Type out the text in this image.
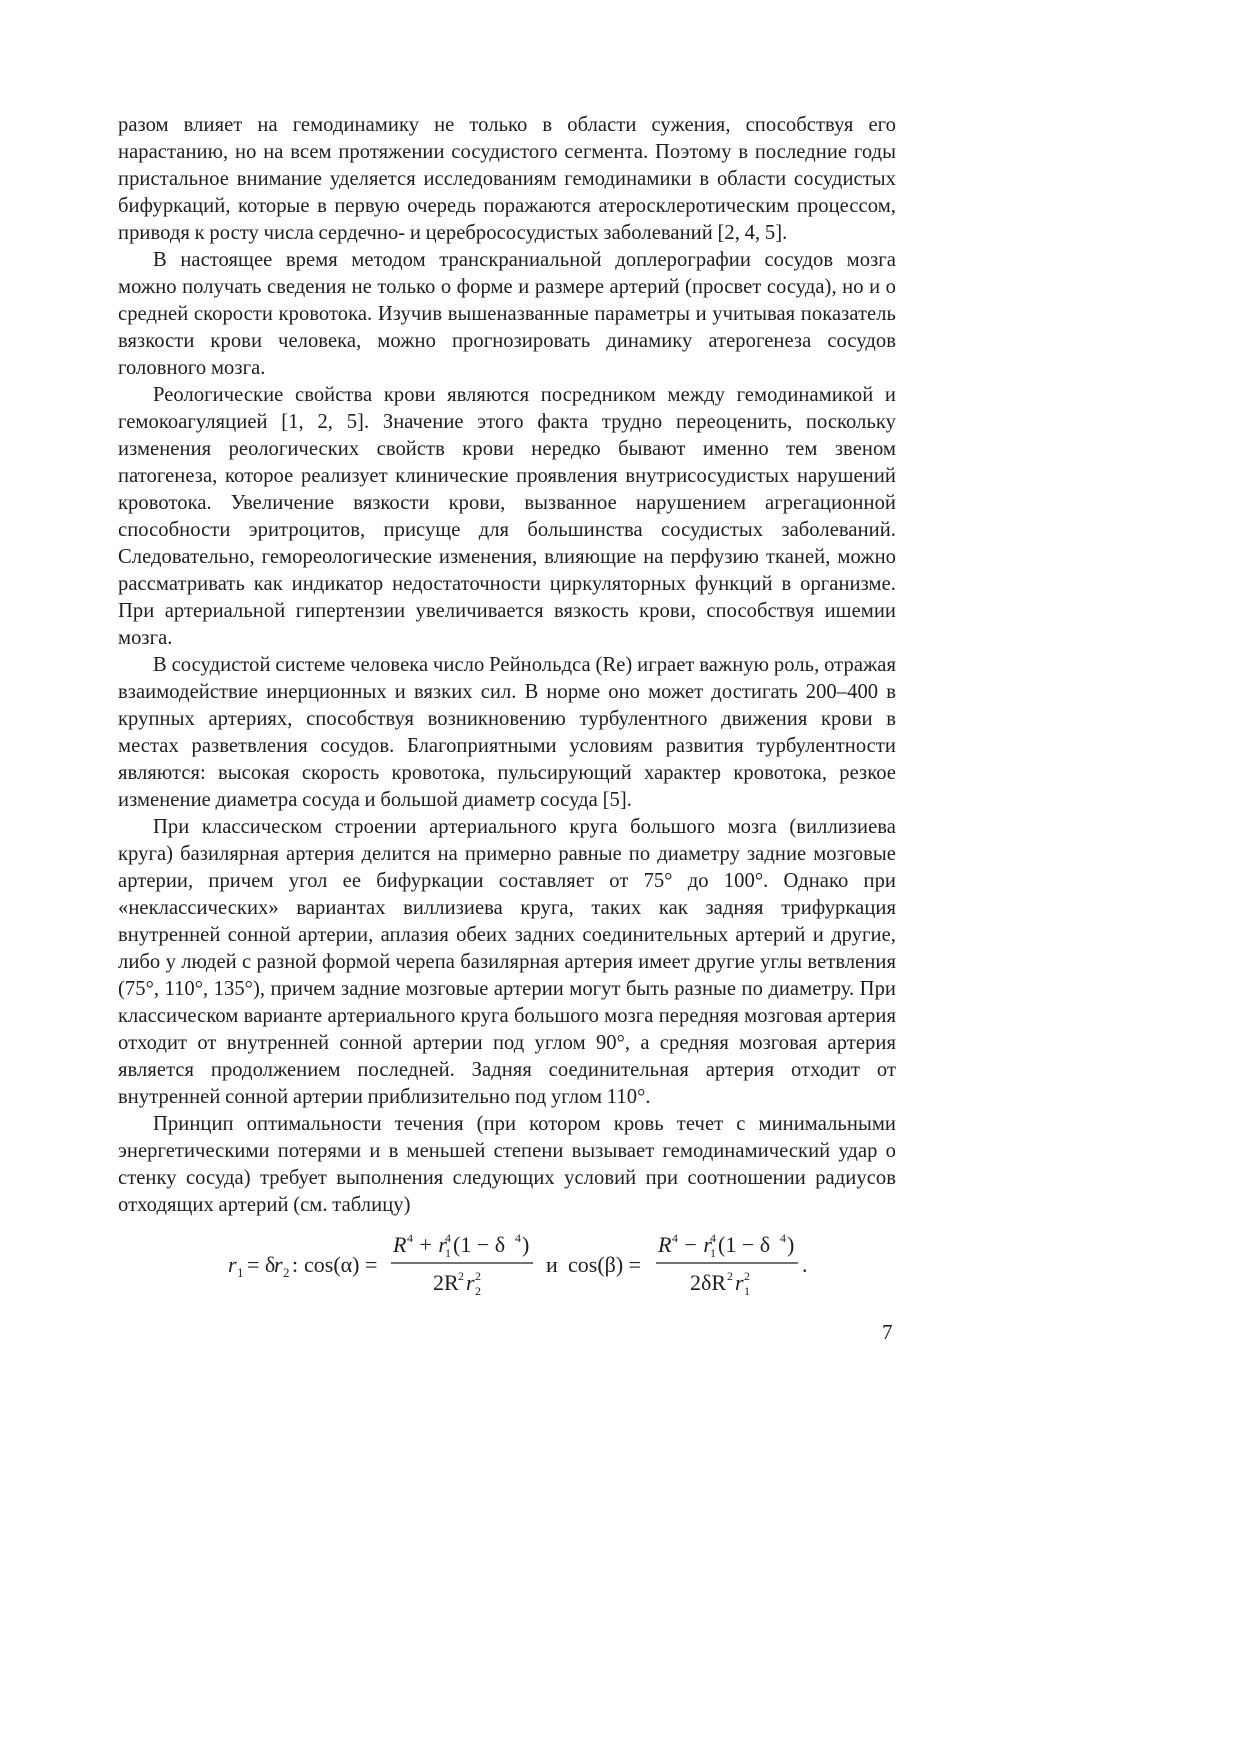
разом влияет на гемодинамику не только в области сужения, способствуя его нарастанию, но на всем протяжении сосудистого сегмента. Поэтому в последние годы пристальное внимание уделяется исследованиям гемодинамики в области сосудистых бифуркаций, которые в первую очередь поражаются атеросклеротическим процессом, приводя к росту числа сердечно- и цереброcосудистых заболеваний [2, 4, 5].

В настоящее время методом транскраниальной доплерографии сосудов мозга можно получать сведения не только о форме и размере артерий (просвет сосуда), но и о средней скорости кровотока. Изучив вышеназванные параметры и учитывая показатель вязкости крови человека, можно прогнозировать динамику атерогенеза сосудов головного мозга.

Реологические свойства крови являются посредником между гемодинамикой и гемокоагуляцией [1, 2, 5]. Значение этого факта трудно переоценить, поскольку изменения реологических свойств крови нередко бывают именно тем звеном патогенеза, которое реализует клинические проявления внутрисосудистых нарушений кровотока. Увеличение вязкости крови, вызванное нарушением агрегационной способности эритроцитов, присуще для большинства сосудистых заболеваний. Следовательно, гемореологические изменения, влияющие на перфузию тканей, можно рассматривать как индикатор недостаточности циркуляторных функций в организме. При артериальной гипертензии увеличивается вязкость крови, способствуя ишемии мозга.

В сосудистой системе человека число Рейнольдса (Re) играет важную роль, отражая взаимодействие инерционных и вязких сил. В норме оно может достигать 200–400 в крупных артериях, способствуя возникновению турбулентного движения крови в местах разветвления сосудов. Благоприятными условиям развития турбулентности являются: высокая скорость кровотока, пульсирующий характер кровотока, резкое изменение диаметра сосуда и большой диаметр сосуда [5].

При классическом строении артериального круга большого мозга (виллизиева круга) базилярная артерия делится на примерно равные по диаметру задние мозговые артерии, причем угол ее бифуркации составляет от 75° до 100°. Однако при «неклассических» вариантах виллизиева круга, таких как задняя трифуркация внутренней сонной артерии, аплазия обеих задних соединительных артерий и другие, либо у людей с разной формой черепа базилярная артерия имеет другие углы ветвления (75°, 110°, 135°), причем задние мозговые артерии могут быть разные по диаметру. При классическом варианте артериального круга большого мозга передняя мозговая артерия отходит от внутренней сонной артерии под углом 90°, а средняя мозговая артерия является продолжением последней. Задняя соединительная артерия отходит от внутренней сонной артерии приблизительно под углом 110°.

Принцип оптимальности течения (при котором кровь течет с минимальными энергетическими потерями и в меньшей степени вызывает гемодинамический удар о стенку сосуда) требует выполнения следующих условий при соотношении радиусов отходящих артерий (см. таблицу)

r 1 = δ
r 2 : cos(α) =
R 4 + r
4
1 (1 − δ 4 )
2R 2 r 2
2
и cos(β) =
R 4 − r
4
1 (1 − δ 4 )
2δR 2 r 2
1
.
7
